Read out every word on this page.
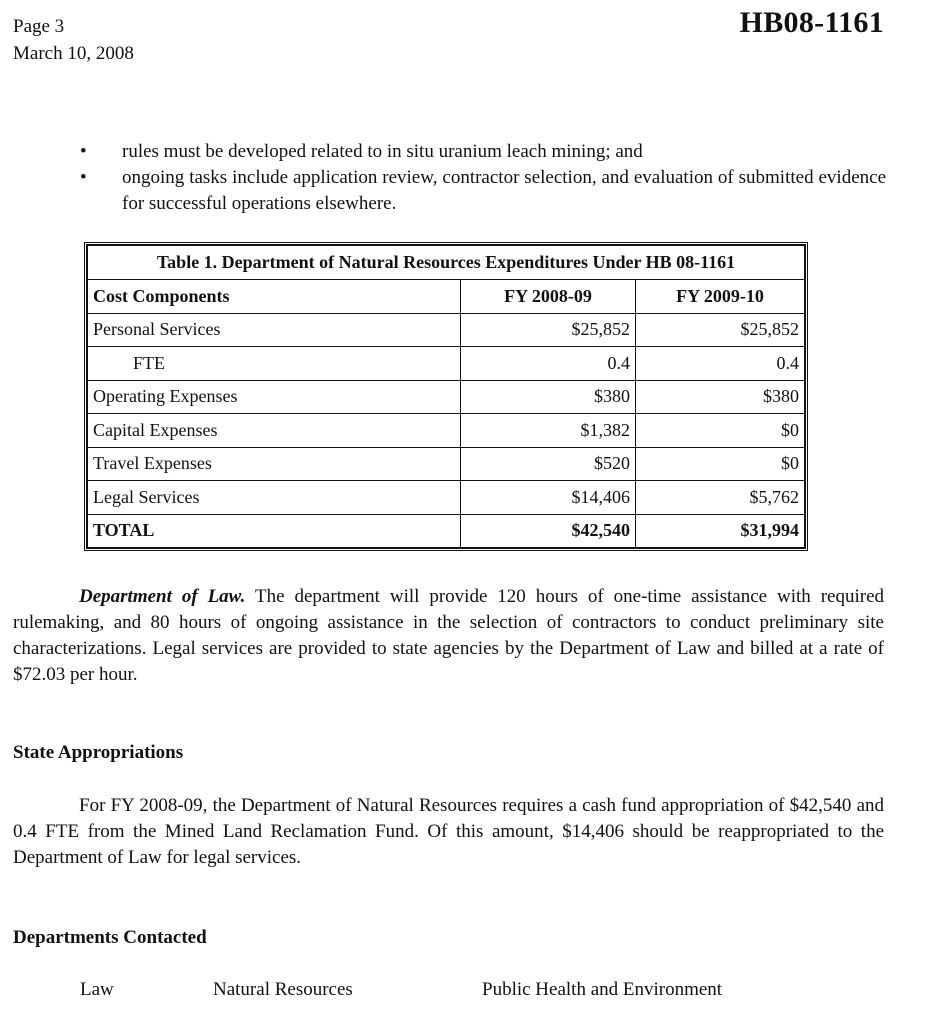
Page 3
March 10, 2008
HB08-1161
•	rules must be developed related to in situ uranium leach mining; and
•	ongoing tasks include application review, contractor selection, and evaluation of submitted evidence for successful operations elsewhere.
Table 1. Department of Natural Resources Expenditures Under HB 08-1161		
Cost Components	FY 2008-09	FY 2009-10
Personal Services	$25,852	$25,852
FTE	0.4	0.4
Operating Expenses	$380	$380
Capital Expenses	$1,382	$0
Travel Expenses	$520	$0
Legal Services	$14,406	$5,762
TOTAL	$42,540	$31,994
Department of Law. The department will provide 120 hours of one-time assistance with required rulemaking, and 80 hours of ongoing assistance in the selection of contractors to conduct preliminary site characterizations. Legal services are provided to state agencies by the Department of Law and billed at a rate of $72.03 per hour.
State Appropriations
For FY 2008-09, the Department of Natural Resources requires a cash fund appropriation of $42,540 and 0.4 FTE from the Mined Land Reclamation Fund. Of this amount, $14,406 should be reappropriated to the Department of Law for legal services.
Departments Contacted
Law	Natural Resources	Public Health and Environment
